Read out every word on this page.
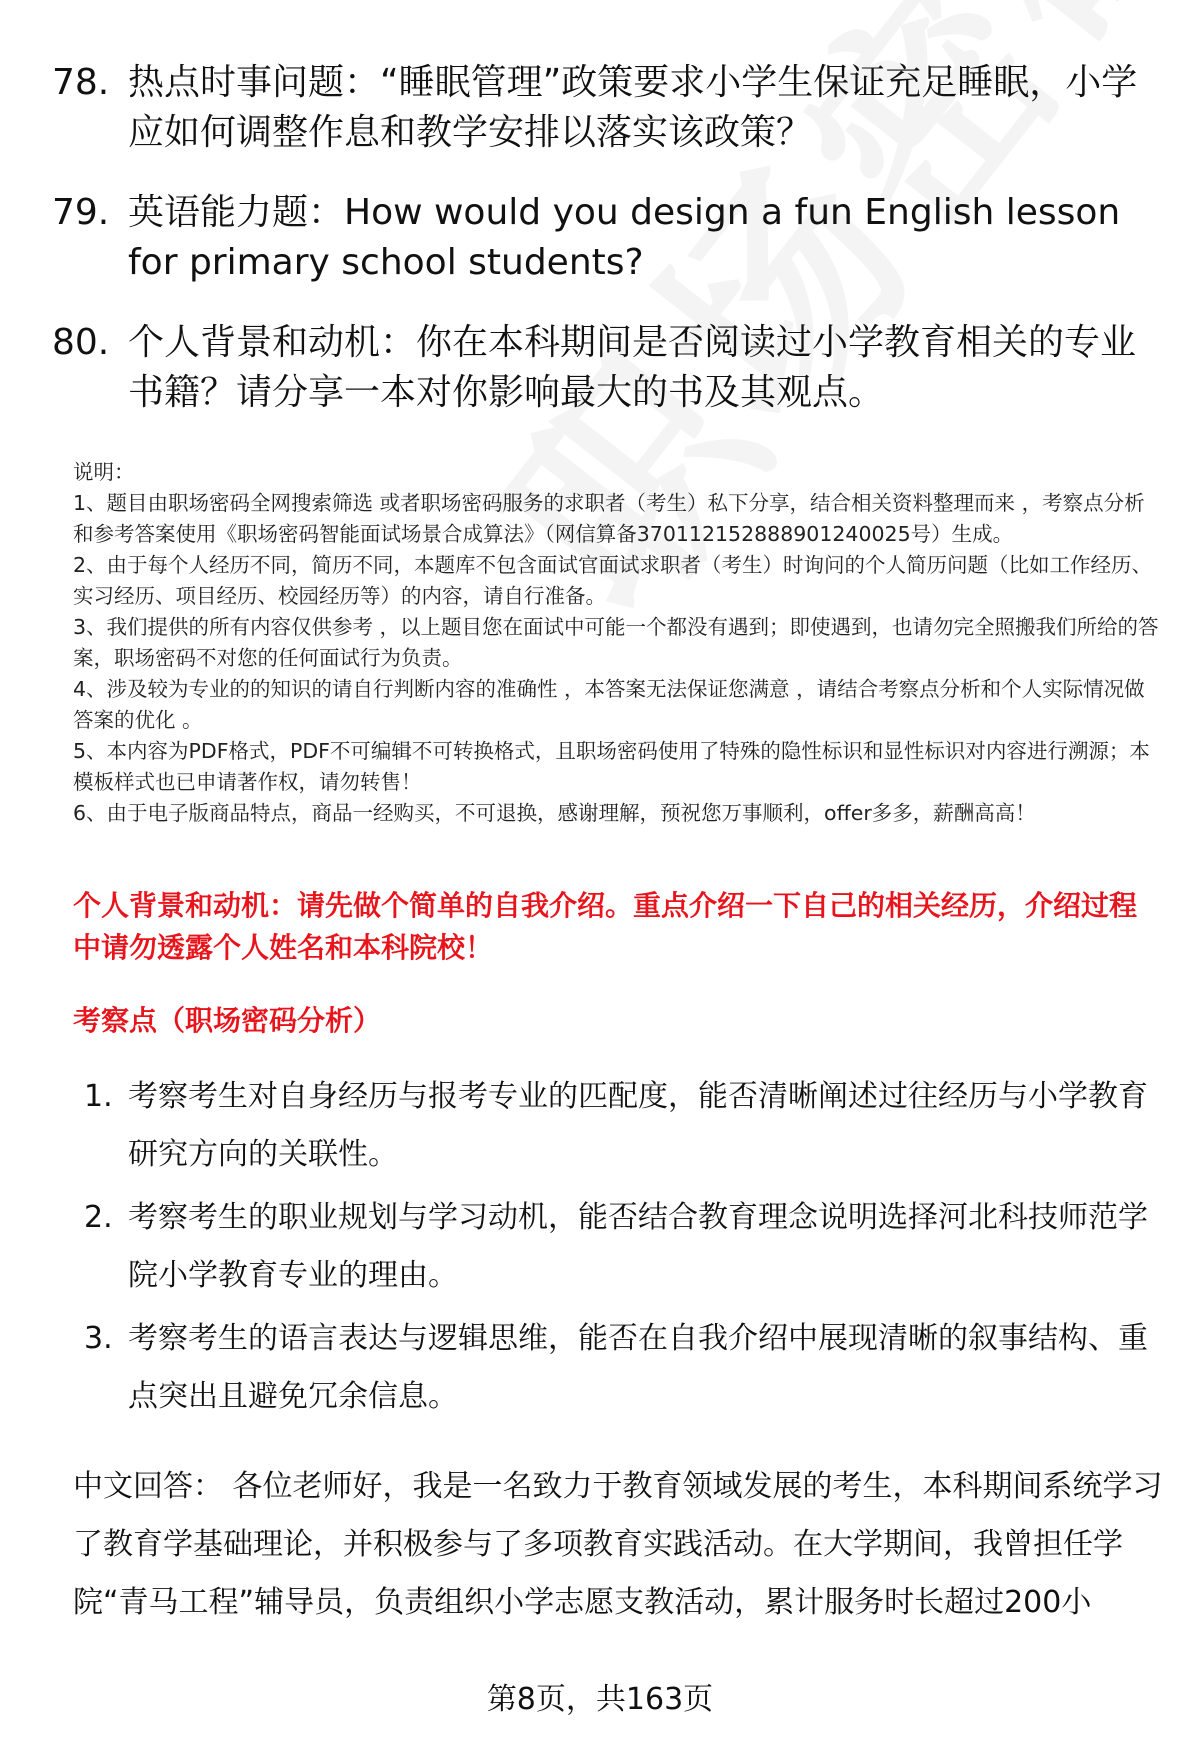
78. 热点时事问题：“睡眠管理”政策要求小学生保证充足睡眠，小学应如何调整作息和教学安排以落实该政策？
79. 英语能力题：How would you design a fun English lesson for primary school students?
80. 个人背景和动机：你在本科期间是否阅读过小学教育相关的专业书籍？请分享一本对你影响最大的书及其观点。

说明：

1、题目由职场密码全网搜索筛选 或者职场密码服务的求职者（考生）私下分享，结合相关资料整理而来 ，考察点分析和参考答案使用《职场密码智能面试场景合成算法》（网信算备370112152888901240025号）生成。

2、由于每个人经历不同，简历不同，本题库不包含面试官面试求职者（考生）时询问的个人简历问题（比如工作经历、实习经历、项目经历、校园经历等）的内容，请自行准备。

3、我们提供的所有内容仅供参考 ，以上题目您在面试中可能一个都没有遇到；即使遇到，也请勿完全照搬我们所给的答案，职场密码不对您的任何面试行为负责。

4、涉及较为专业的的知识的请自行判断内容的准确性 ，本答案无法保证您满意 ，请结合考察点分析和个人实际情况做答案的优化 。

5、本内容为PDF格式，PDF不可编辑不可转换格式，且职场密码使用了特殊的隐性标识和显性标识对内容进行溯源；本模板样式也已申请著作权，请勿转售！

6、由于电子版商品特点，商品一经购买，不可退换，感谢理解，预祝您万事顺利，offer多多，薪酬高高！

个人背景和动机：请先做个简单的自我介绍。重点介绍一下自己的相关经历，介绍过程中请勿透露个人姓名和本科院校！

考察点（职场密码分析）

1. 考察考生对自身经历与报考专业的匹配度，能否清晰阐述过往经历与小学教育研究方向的关联性。
2. 考察考生的职业规划与学习动机，能否结合教育理念说明选择河北科技师范学院小学教育专业的理由。
3. 考察考生的语言表达与逻辑思维，能否在自我介绍中展现清晰的叙事结构、重点突出且避免冗余信息。

中文回答： 各位老师好，我是一名致力于教育领域发展的考生，本科期间系统学习了教育学基础理论，并积极参与了多项教育实践活动。在大学期间，我曾担任学院“青马工程”辅导员，负责组织小学志愿支教活动，累计服务时长超过200小

第8页，共163页
